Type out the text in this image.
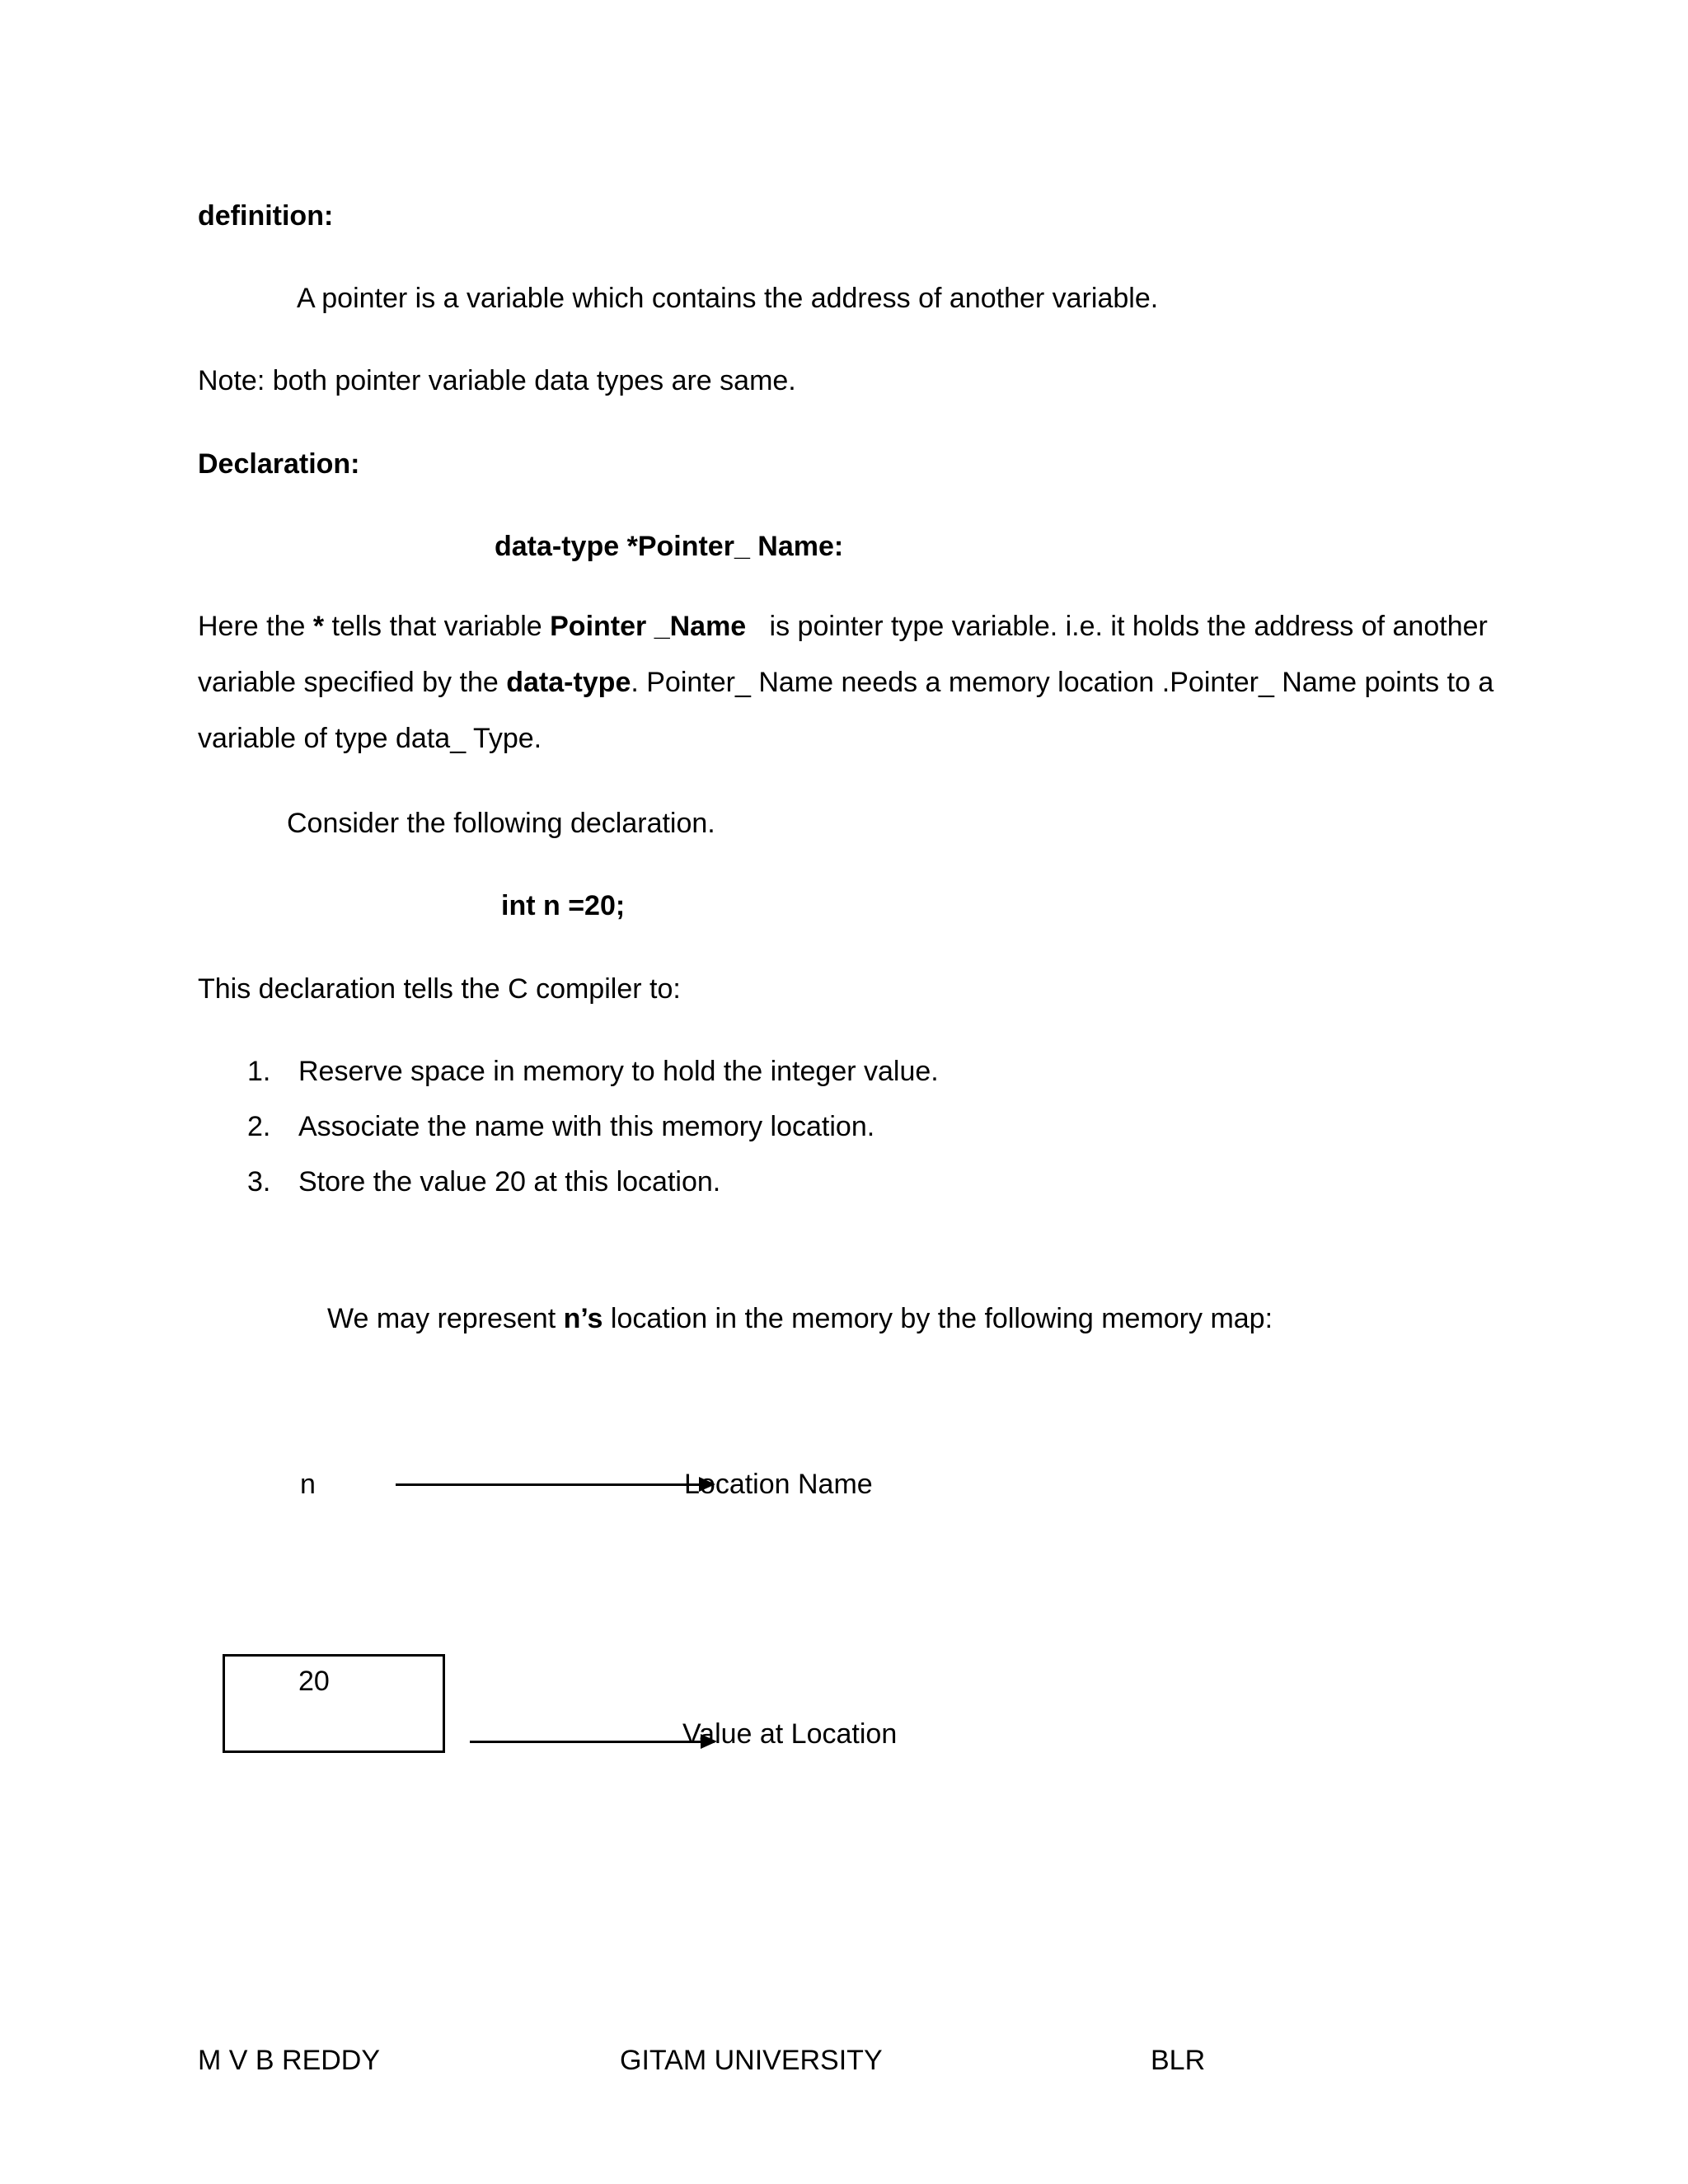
definition:
A pointer is a variable which contains the address of another variable.
Note: both pointer variable data types are same.
Declaration:
data-type *Pointer_ Name:
Here the * tells that variable Pointer _Name   is pointer type variable. i.e. it holds the address of another variable specified by the data-type. Pointer_ Name needs a memory location .Pointer_ Name points to a variable of type data_ Type.
Consider the following declaration.
int n =20;
This declaration tells the C compiler to:
1. Reserve space in memory to hold the integer value.
2. Associate the name with this memory location.
3. Store the value 20 at this location.
We may represent n’s location in the memory by the following memory map:
n	Location Name
20
Value at Location
M V B REDDY	GITAM UNIVERSITY	BLR
